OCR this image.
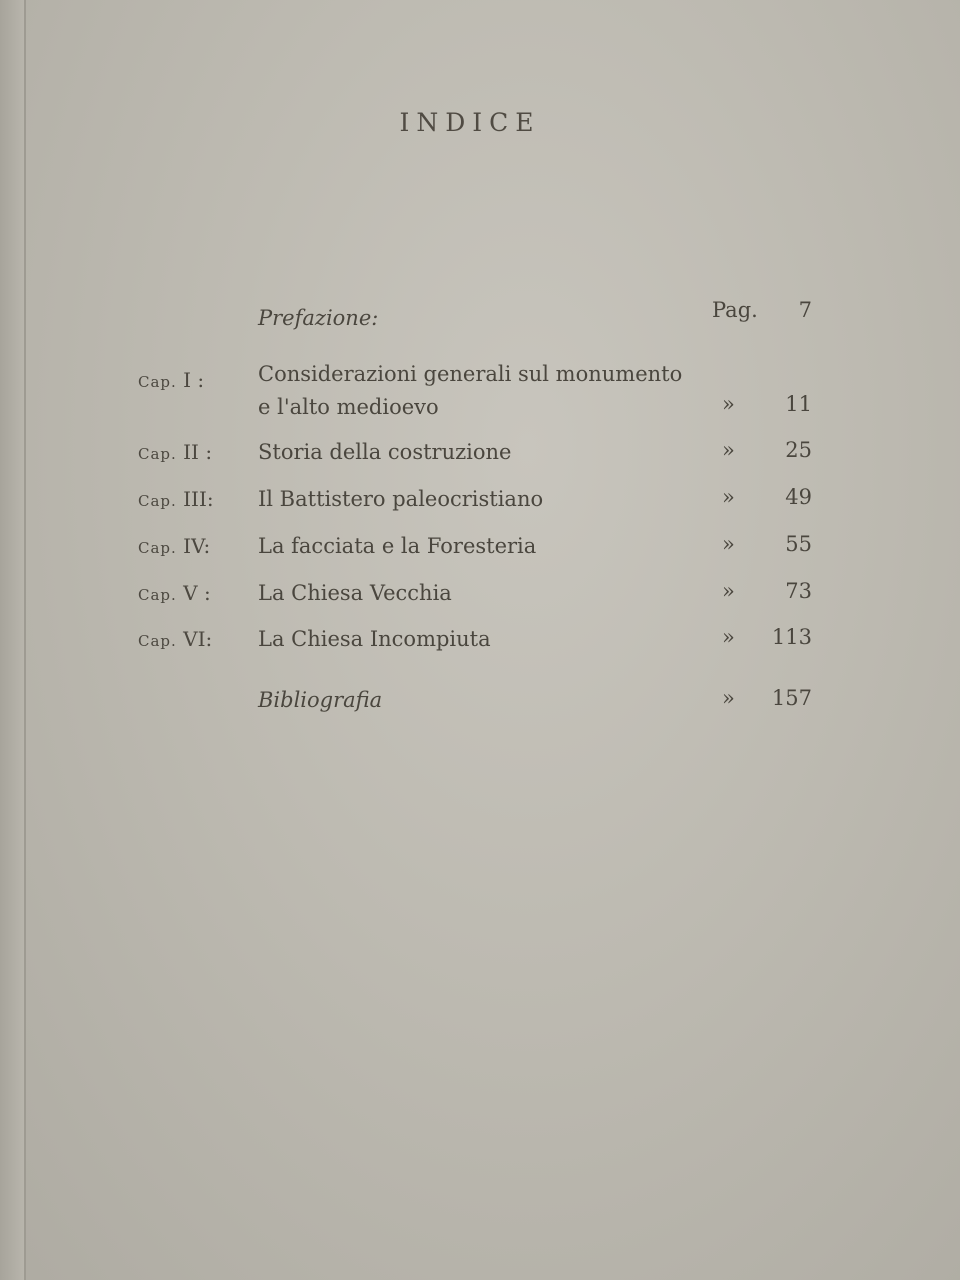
INDICE
Prefazione:	Pag. 7
Cap. I :	Considerazioni generali sul monumento
e l'alto medioevo	» 11
Cap. II : Storia della costruzione	» 25
Cap. III: Il Battistero paleocristiano	» 49
Cap. IV: La facciata e la Foresteria	» 55
Cap. V : La Chiesa Vecchia	» 73
Cap. VI: La Chiesa Incompiuta	» 113
Bibliografia	» 157
